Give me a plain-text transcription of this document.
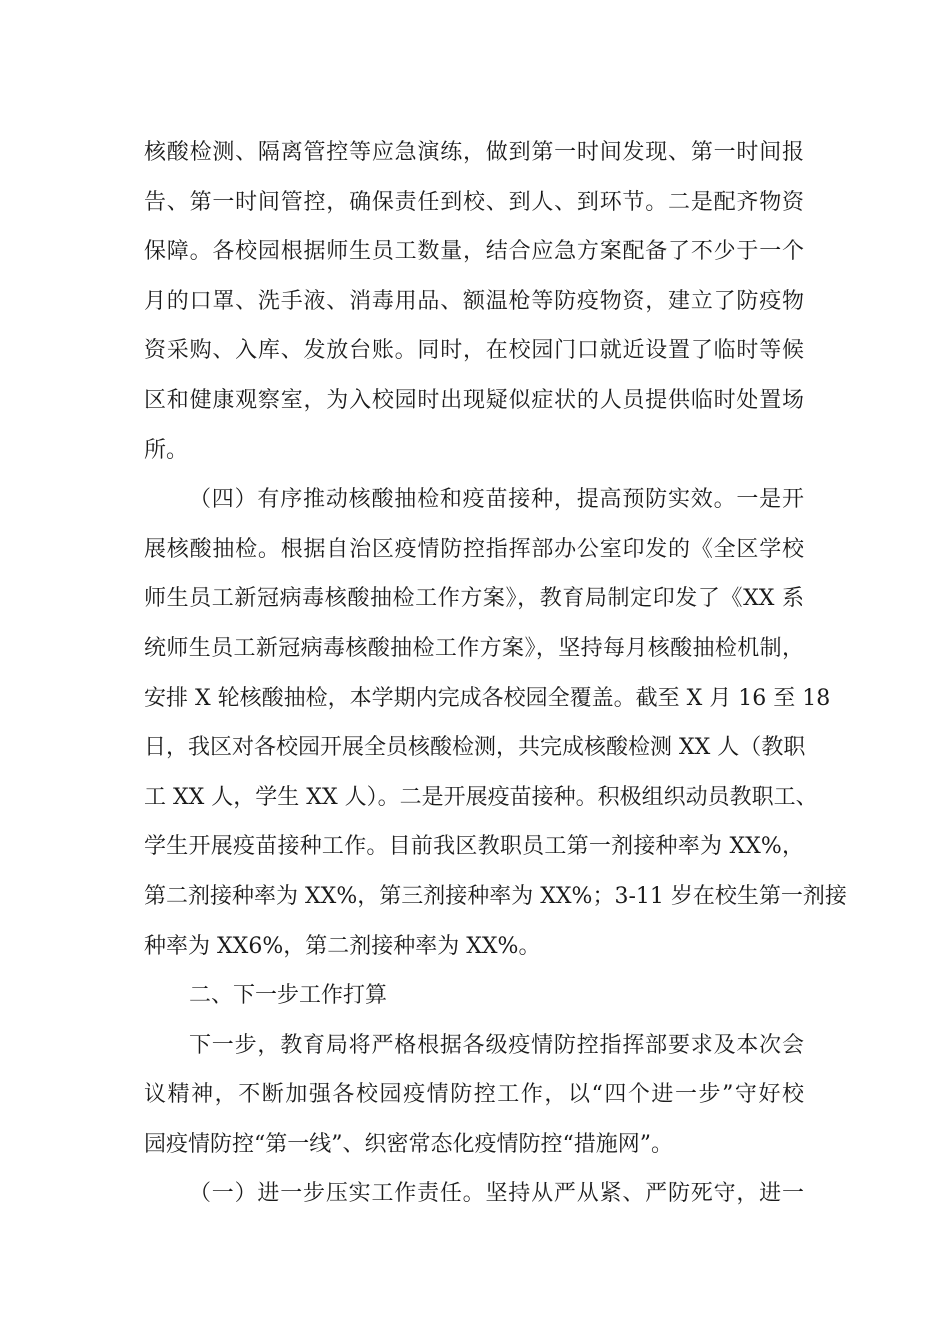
核酸检测、隔离管控等应急演练，做到第一时间发现、第一时间报
告、第一时间管控，确保责任到校、到人、到环节。二是配齐物资
保障。各校园根据师生员工数量，结合应急方案配备了不少于一个
月的口罩、洗手液、消毒用品、额温枪等防疫物资，建立了防疫物
资采购、入库、发放台账。同时，在校园门口就近设置了临时等候
区和健康观察室，为入校园时出现疑似症状的人员提供临时处置场
所。
（四）有序推动核酸抽检和疫苗接种，提高预防实效。一是开
展核酸抽检。根据自治区疫情防控指挥部办公室印发的《全区学校
师生员工新冠病毒核酸抽检工作方案》，教育局制定印发了《XX 系
统师生员工新冠病毒核酸抽检工作方案》，坚持每月核酸抽检机制，
安排 X 轮核酸抽检，本学期内完成各校园全覆盖。截至 X 月 16 至 18
日，我区对各校园开展全员核酸检测，共完成核酸检测 XX 人（教职
工 XX 人，学生 XX 人）。二是开展疫苗接种。积极组织动员教职工、
学生开展疫苗接种工作。目前我区教职员工第一剂接种率为 XX%，
第二剂接种率为 XX%，第三剂接种率为 XX%；3-11 岁在校生第一剂接
种率为 XX6%，第二剂接种率为 XX%。
二、下一步工作打算
下一步，教育局将严格根据各级疫情防控指挥部要求及本次会
议精神，不断加强各校园疫情防控工作，以“四个进一步”守好校
园疫情防控“第一线”、织密常态化疫情防控“措施网”。
（一）进一步压实工作责任。坚持从严从紧、严防死守，进一
